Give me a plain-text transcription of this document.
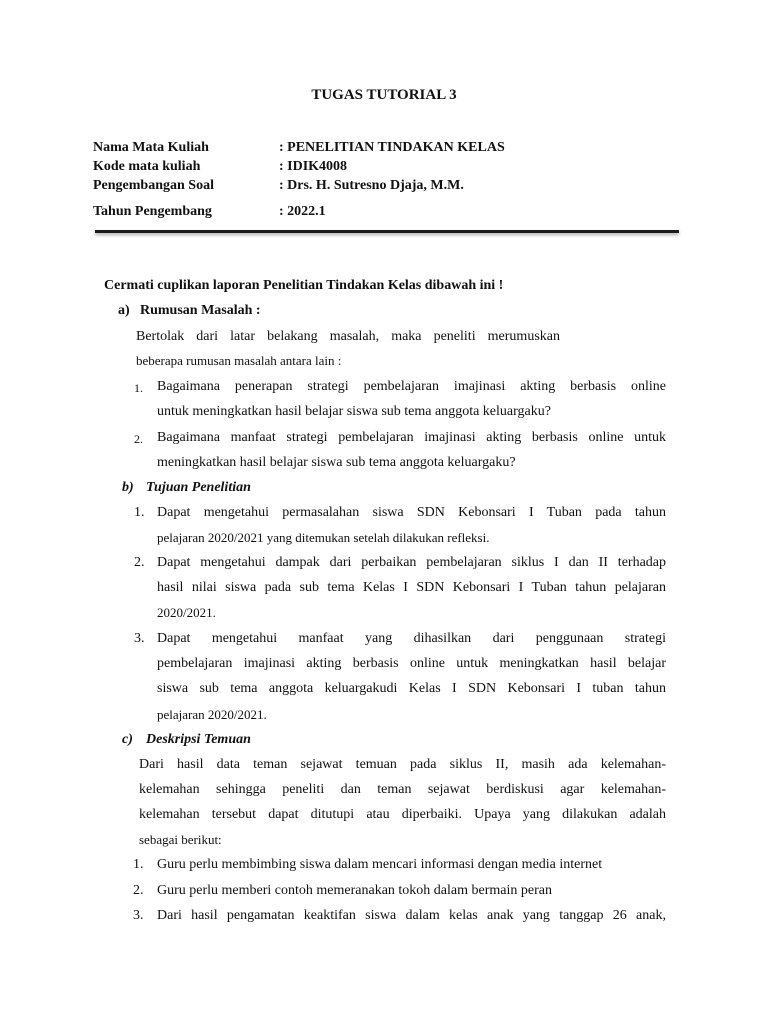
TUGAS TUTORIAL 3
Nama Mata Kuliah	: PENELITIAN TINDAKAN KELAS
Kode mata kuliah	: IDIK4008
Pengembangan Soal	: Drs. H. Sutresno Djaja, M.M.
Tahun Pengembang	: 2022.1
Cermati cuplikan laporan Penelitian Tindakan Kelas dibawah ini !
a) Rumusan Masalah :
Bertolak dari latar belakang masalah, maka peneliti merumuskan
beberapa rumusan masalah antara lain :
1. Bagaimana penerapan strategi pembelajaran imajinasi akting berbasis online
untuk meningkatkan hasil belajar siswa sub tema anggota keluargaku?
2. Bagaimana manfaat strategi pembelajaran imajinasi akting berbasis online untuk
meningkatkan hasil belajar siswa sub tema anggota keluargaku?
b) Tujuan Penelitian
1. Dapat mengetahui permasalahan siswa SDN Kebonsari I Tuban pada tahun
pelajaran 2020/2021 yang ditemukan setelah dilakukan refleksi.
2. Dapat mengetahui dampak dari perbaikan pembelajaran siklus I dan II terhadap
hasil nilai siswa pada sub tema Kelas I SDN Kebonsari I Tuban tahun pelajaran
2020/2021.
3. Dapat mengetahui manfaat yang dihasilkan dari penggunaan strategi
pembelajaran imajinasi akting berbasis online untuk meningkatkan hasil belajar
siswa sub tema anggota keluargakudi Kelas I SDN Kebonsari I tuban tahun
pelajaran 2020/2021.
c) Deskripsi Temuan
Dari hasil data teman sejawat temuan pada siklus II, masih ada kelemahan-
kelemahan sehingga peneliti dan teman sejawat berdiskusi agar kelemahan-
kelemahan tersebut dapat ditutupi atau diperbaiki. Upaya yang dilakukan adalah
sebagai berikut:
1. Guru perlu membimbing siswa dalam mencari informasi dengan media internet
2. Guru perlu memberi contoh memeranakan tokoh dalam bermain peran
3. Dari hasil pengamatan keaktifan siswa dalam kelas anak yang tanggap 26 anak,
